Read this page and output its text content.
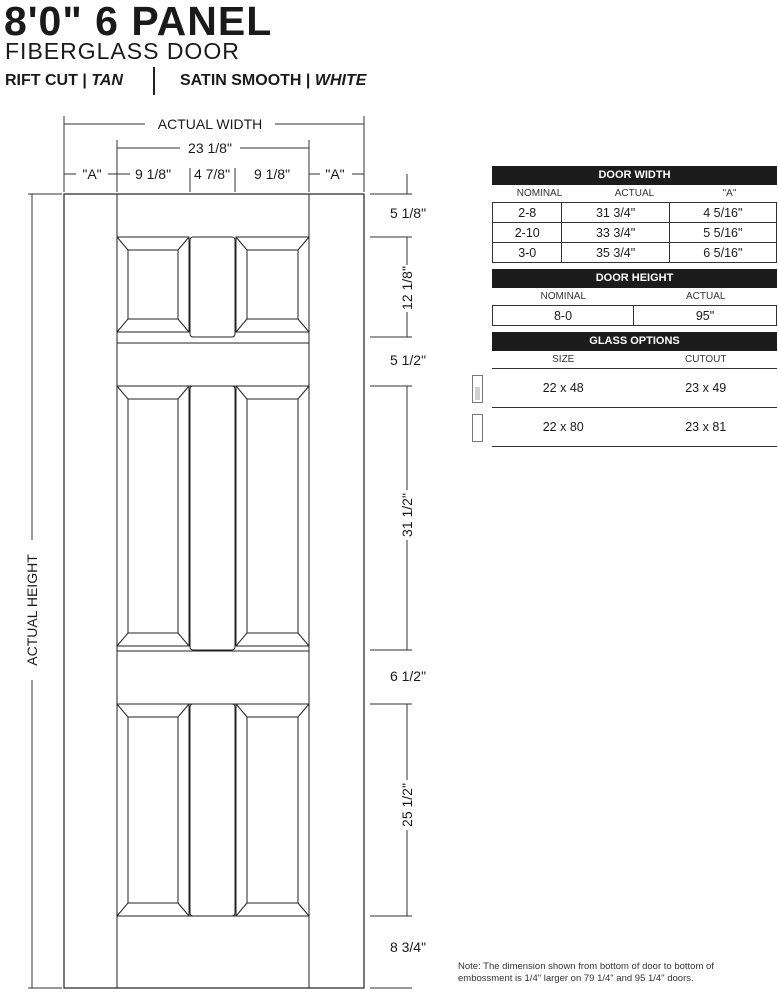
8'0" 6 PANEL
FIBERGLASS DOOR
RIFT CUT | TAN	SATIN SMOOTH | WHITE
ACTUAL WIDTH
23 1/8"
"A" 9 1/8" 4 7/8" 9 1/8"	"A"
ACTUAL HEIGHT
5 1/8"
12 1/8"
5 1/2"
31 1/2"
6 1/2"
25 1/2"
8 3/4"
DOOR WIDTH
NOMINAL	ACTUAL	"A"
2-8	31 3/4"	4 5/16"
2-10	33 3/4"	5 5/16"
3-0	35 3/4"	6 5/16"
DOOR HEIGHT
NOMINAL	ACTUAL
8-0	95"
GLASS OPTIONS
SIZE	CUTOUT
22 x 48	23 x 49
22 x 80	23 x 81
Note: The dimension shown from bottom of door to bottom of embossment is 1/4" larger on 79 1/4" and 95 1/4" doors.
